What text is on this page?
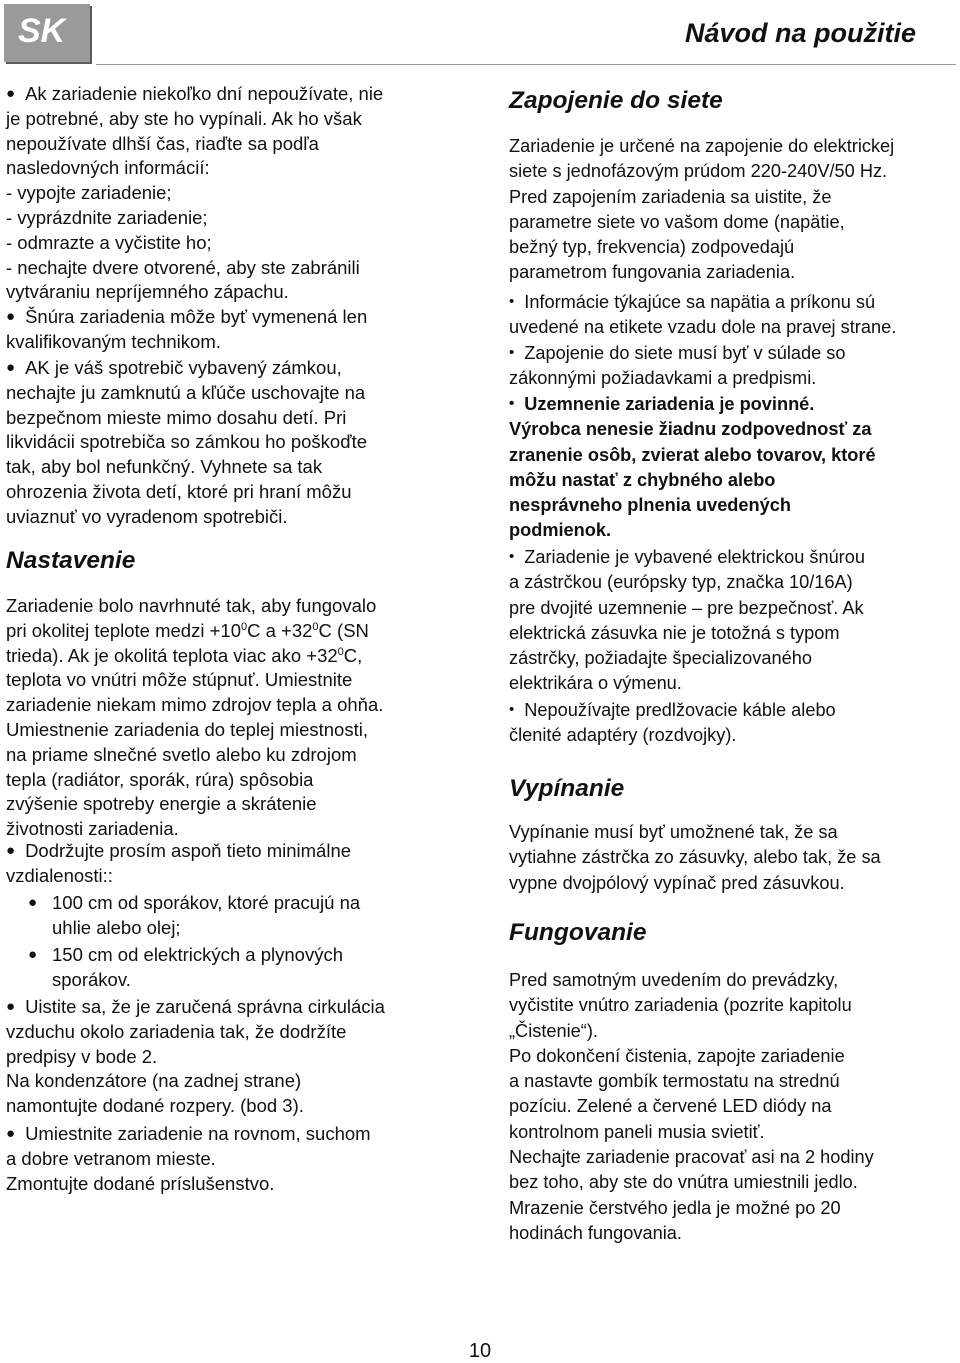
SK	Návod na použitie
● Ak zariadenie niekoľko dní nepoužívate, nie
je potrebné, aby ste ho vypínali. Ak ho však
nepoužívate dlhší čas, riaďte sa podľa
nasledovných informácií:
- vypojte zariadenie;
- vyprázdnite zariadenie;
- odmrazte a vyčistite ho;
- nechajte dvere otvorené, aby ste zabránili
vytváraniu nepríjemného zápachu.
● Šnúra zariadenia môže byť vymenená len
kvalifikovaným technikom.
● AK je váš spotrebič vybavený zámkou,
nechajte ju zamknutú a kľúče uschovajte na
bezpečnom mieste mimo dosahu detí. Pri
likvidácii spotrebiča so zámkou ho poškoďte
tak, aby bol nefunkčný. Vyhnete sa tak
ohrozenia života detí, ktoré pri hraní môžu
uviaznuť vo vyradenom spotrebiči.
Nastavenie
Zariadenie bolo navrhnuté tak, aby fungovalo
pri okolitej teplote medzi $+10^0C$ $a +32^0C$ (SN
trieda). Ak je okolitá teplota viac ako $+32^0C$,
teplota vo vnútri môže stúpnuť. Umiestnite
zariadenie niekam mimo zdrojov tepla a ohňa.
Umiestnenie zariadenia do teplej miestnosti,
na priame slnečné svetlo alebo ku zdrojom
tepla (radiátor, sporák, rúra) spôsobia
zvýšenie spotreby energie a skrátenie
životnosti zariadenia.
● Dodržujte prosím aspoň tieto minimálne
vzdialenosti::
● 100 cm od sporákov, ktoré pracujú na
uhlie alebo olej;
● 150 cm od elektrických a plynových
sporákov.
● Uistite sa, že je zaručená správna cirkulácia
vzduchu okolo zariadenia tak, že dodržíte
predpisy v bode 2.
Na kondenzátore (na zadnej strane)
namontujte dodané rozpery. (bod 3).
● Umiestnite zariadenie na rovnom, suchom
a dobre vetranom mieste.
Zmontujte dodané príslušenstvo.
Zapojenie do siete
Zariadenie je určené na zapojenie do elektrickej
siete s jednofázovým prúdom 220-240V/50 Hz.
Pred zapojením zariadenia sa uistite, že
parametre siete vo vašom dome (napätie,
bežný typ, frekvencia) zodpovedajú
parametrom fungovania zariadenia.
• Informácie týkajúce sa napätia a príkonu sú
uvedené na etikete vzadu dole na pravej strane.
• Zapojenie do siete musí byť v súlade so
zákonnými požiadavkami a predpismi.
• Uzemnenie zariadenia je povinné.
Výrobca nenesie žiadnu zodpovednosť za
zranenie osôb, zvierat alebo tovarov, ktoré
môžu nastať z chybného alebo
nesprávneho plnenia uvedených
podmienok.
• Zariadenie je vybavené elektrickou šnúrou
a zástrčkou (európsky typ, značka 10/16A)
pre dvojité uzemnenie – pre bezpečnosť. Ak
elektrická zásuvka nie je totožná s typom
zástrčky, požiadajte špecializovaného
elektrikára o výmenu.
• Nepoužívajte predlžovacie káble alebo
členité adaptéry (rozdvojky).
Vypínanie
Vypínanie musí byť umožnené tak, že sa
vytiahne zástrčka zo zásuvky, alebo tak, že sa
vypne dvojpólový vypínač pred zásuvkou.
Fungovanie
Pred samotným uvedením do prevádzky,
vyčistite vnútro zariadenia (pozrite kapitolu
„Čistenie“).
Po dokončení čistenia, zapojte zariadenie
a nastavte gombík termostatu na strednú
pozíciu. Zelené a červené LED diódy na
kontrolnom paneli musia svietiť.
Nechajte zariadenie pracovať asi na 2 hodiny
bez toho, aby ste do vnútra umiestnili jedlo.
Mrazenie čerstvého jedla je možné po 20
hodinách fungovania.
10
